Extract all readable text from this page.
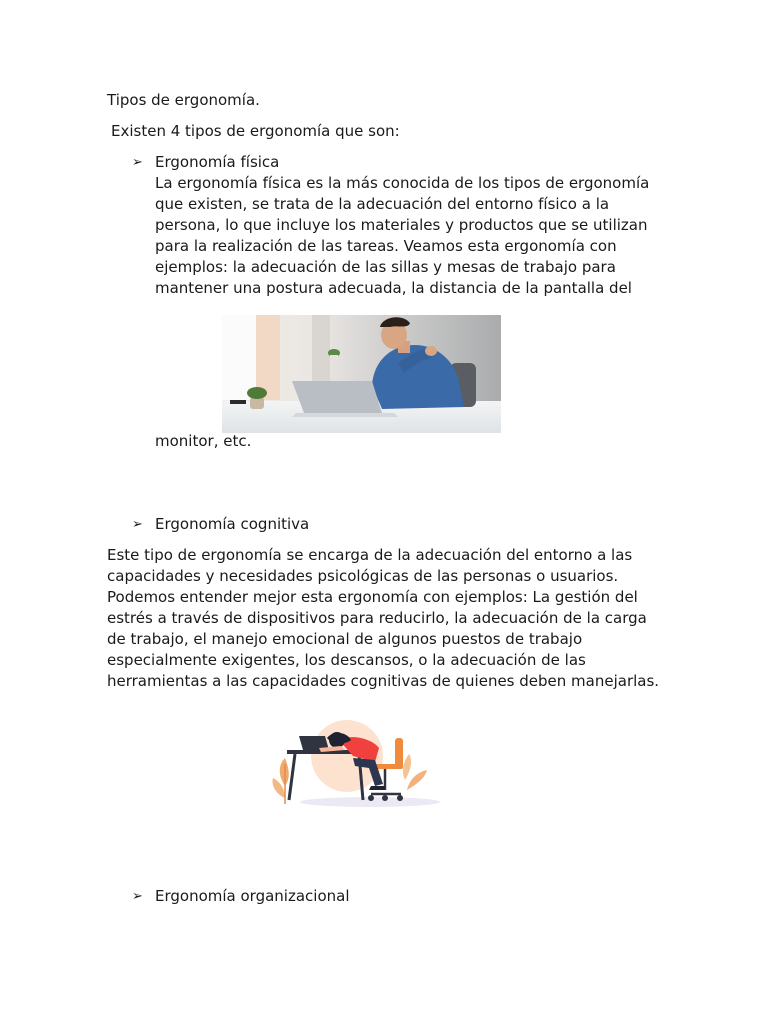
Tipos de ergonomía.
Existen 4 tipos de ergonomía que son:
➢ Ergonomía física
La ergonomía física es la más conocida de los tipos de ergonomía
que existen, se trata de la adecuación del entorno físico a la
persona, lo que incluye los materiales y productos que se utilizan
para la realización de las tareas. Veamos esta ergonomía con
ejemplos: la adecuación de las sillas y mesas de trabajo para
mantener una postura adecuada, la distancia de la pantalla del
monitor, etc.
➢ Ergonomía cognitiva
Este tipo de ergonomía se encarga de la adecuación del entorno a las
capacidades y necesidades psicológicas de las personas o usuarios.
Podemos entender mejor esta ergonomía con ejemplos: La gestión del
estrés a través de dispositivos para reducirlo, la adecuación de la carga
de trabajo, el manejo emocional de algunos puestos de trabajo
especialmente exigentes, los descansos, o la adecuación de las
herramientas a las capacidades cognitivas de quienes deben manejarlas.
➢ Ergonomía organizacional
